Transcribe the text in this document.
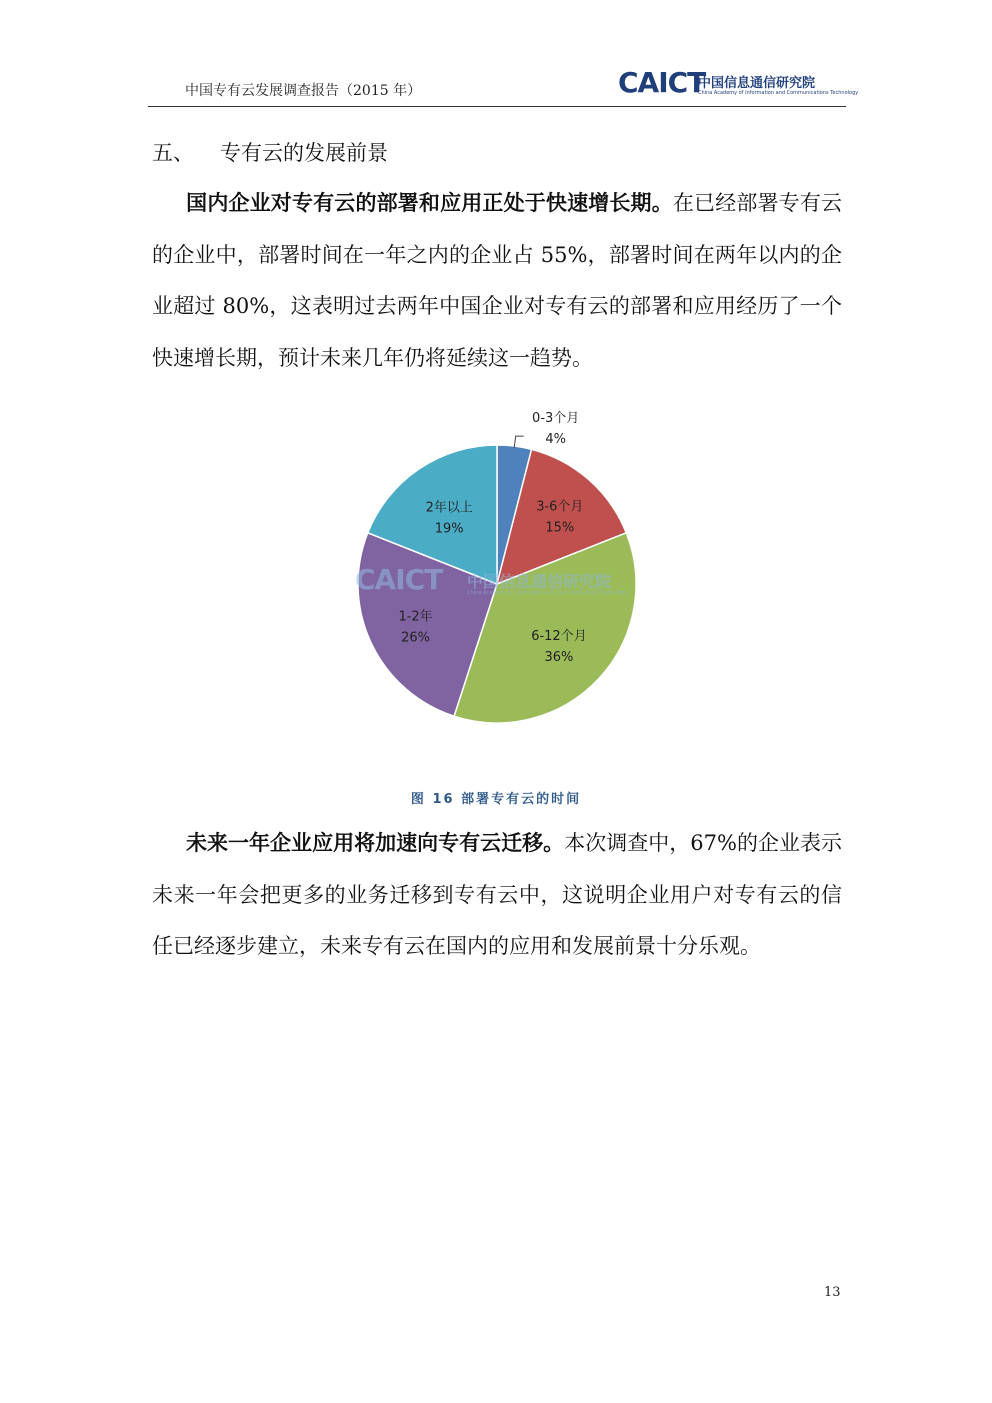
中国专有云发展调查报告（2015 年）	CAICT
中国信息通信研究院
China Academy of Information and Communications Technology
五、 专有云的发展前景
国内企业对专有云的部署和应用正处于快速增长期。在已经部署专有云的企业中，部署时间在一年之内的企业占 55%，部署时间在两年以内的企业超过 80%，这表明过去两年中国企业对专有云的部署和应用经历了一个快速增长期，预计未来几年仍将延续这一趋势。
0-3个月
4%
3-6个月
15%
6-12个月
36%
1-2年
26%
2年以上
19%
CAICT 中国信息通信研究院
China Academy of Information and Communications Technology
图 16 部署专有云的时间
未来一年企业应用将加速向专有云迁移。本次调查中，67%的企业表示未来一年会把更多的业务迁移到专有云中，这说明企业用户对专有云的信任已经逐步建立，未来专有云在国内的应用和发展前景十分乐观。
13
